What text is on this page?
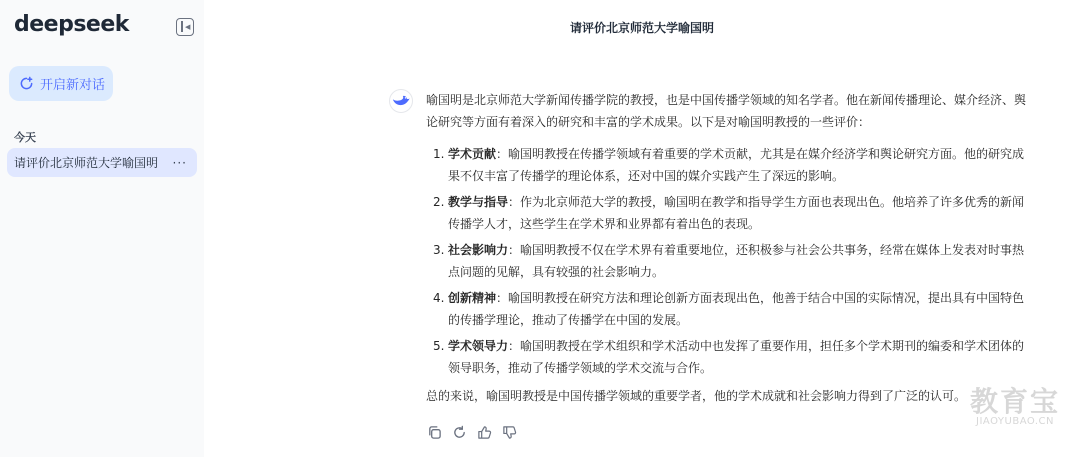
deepseek	◀
开启新对话
今天
请评价北京师范大学喻国明 ···
请评价北京师范大学喻国明

喻国明是北京师范大学新闻传播学院的教授，也是中国传播学领域的知名学者。他在新闻传播理论、媒介经济、舆论研究等方面有着深入的研究和丰富的学术成果。以下是对喻国明教授的一些评价：

1. 学术贡献：喻国明教授在传播学领域有着重要的学术贡献，尤其是在媒介经济学和舆论研究方面。他的研究成果不仅丰富了传播学的理论体系，还对中国的媒介实践产生了深远的影响。
2. 教学与指导：作为北京师范大学的教授，喻国明在教学和指导学生方面也表现出色。他培养了许多优秀的新闻传播学人才，这些学生在学术界和业界都有着出色的表现。
3. 社会影响力：喻国明教授不仅在学术界有着重要地位，还积极参与社会公共事务，经常在媒体上发表对时事热点问题的见解，具有较强的社会影响力。
4. 创新精神：喻国明教授在研究方法和理论创新方面表现出色，他善于结合中国的实际情况，提出具有中国特色的传播学理论，推动了传播学在中国的发展。
5. 学术领导力：喻国明教授在学术组织和学术活动中也发挥了重要作用，担任多个学术期刊的编委和学术团体的领导职务，推动了传播学领域的学术交流与合作。

总的来说，喻国明教授是中国传播学领域的重要学者，他的学术成就和社会影响力得到了广泛的认可。 教育宝
JIAOYUBAO.CN
